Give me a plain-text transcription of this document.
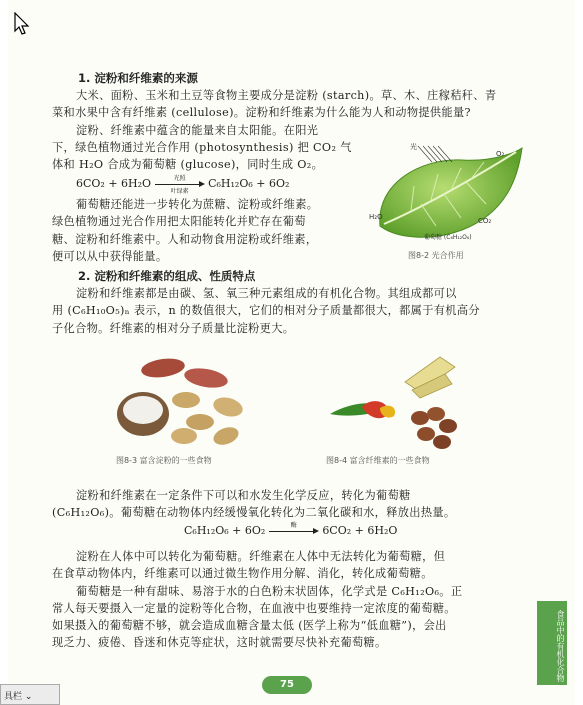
1. 淀粉和纤维素的来源
大米、面粉、玉米和土豆等食物主要成分是淀粉 (starch)。草、木、庄稼秸秆、青
菜和水果中含有纤维素 (cellulose)。淀粉和纤维素为什么能为人和动物提供能量?
淀粉、纤维素中蕴含的能量来自太阳能。在阳光
下，绿色植物通过光合作用 (photosynthesis) 把 CO₂ 气
体和 H₂O 合成为葡萄糖 (glucose)，同时生成 O₂。
6CO₂ + 6H₂O	光照
叶绿素
C₆H₁₂O₆ + 6O₂
葡萄糖还能进一步转化为蔗糖、淀粉或纤维素。
绿色植物通过光合作用把太阳能转化并贮存在葡萄
糖、淀粉和纤维素中。人和动物食用淀粉或纤维素，
便可以从中获得能量。
光
O₂
H₂O	CO₂
葡萄糖 (C₆H₁₂O₆)
图8-2 光合作用
2. 淀粉和纤维素的组成、性质特点
淀粉和纤维素都是由碳、氢、氧三种元素组成的有机化合物。其组成都可以
用 (C₆H₁₀O₅)ₙ 表示，n 的数值很大，它们的相对分子质量都很大，都属于有机高分
子化合物。纤维素的相对分子质量比淀粉更大。
图8-3 富含淀粉的一些食物	图8-4 富含纤维素的一些食物
淀粉和纤维素在一定条件下可以和水发生化学反应，转化为葡萄糖
(C₆H₁₂O₆)。葡萄糖在动物体内经缓慢氧化转化为二氧化碳和水，释放出热量。
C₆H₁₂O₆ + 6O₂	酶	6CO₂ + 6H₂O
淀粉在人体中可以转化为葡萄糖。纤维素在人体中无法转化为葡萄糖，但
在食草动物体内，纤维素可以通过微生物作用分解、消化，转化成葡萄糖。
葡萄糖是一种有甜味、易溶于水的白色粉末状固体，化学式是 C₆H₁₂O₆。正
常人每天要摄入一定量的淀粉等化合物，在血液中也要维持一定浓度的葡萄糖。
如果摄入的葡萄糖不够，就会造成血糖含量太低 (医学上称为“低血糖”)，会出
现乏力、疲倦、昏迷和休克等症状，这时就需要尽快补充葡萄糖。	食品中的有机化合物
75
具栏 ⌄
